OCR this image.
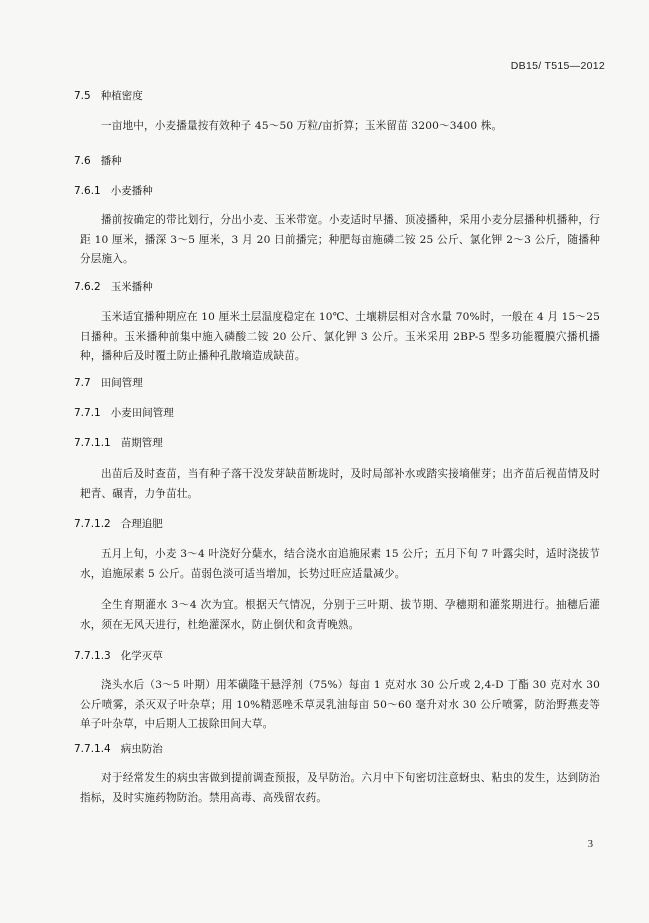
DB15/ T515—2012
7.5 种植密度
一亩地中，小麦播量按有效种子 45～50 万粒/亩折算；玉米留苗 3200～3400 株。
7.6 播种
7.6.1 小麦播种
播前按确定的带比划行，分出小麦、玉米带宽。小麦适时早播、顶凌播种，采用小麦分层播种机播种，行距 10 厘米，播深 3～5 厘米，3 月 20 日前播完；种肥每亩施磷二铵 25 公斤、氯化钾 2～3 公斤，随播种分层施入。
7.6.2 玉米播种
玉米适宜播种期应在 10 厘米土层温度稳定在 10℃、土壤耕层相对含水量 70%时，一般在 4 月 15～25 日播种。玉米播种前集中施入磷酸二铵 20 公斤、氯化钾 3 公斤。玉米采用 2BP-5 型多功能覆膜穴播机播种，播种后及时覆土防止播种孔散墒造成缺苗。
7.7 田间管理
7.7.1 小麦田间管理
7.7.1.1 苗期管理
出苗后及时查苗，当有种子落干没发芽缺苗断垅时，及时局部补水或踏实接墒催芽；出齐苗后视苗情及时耙青、碾青，力争苗壮。
7.7.1.2 合理追肥
五月上旬，小麦 3～4 叶浇好分蘖水，结合浇水亩追施尿素 15 公斤；五月下旬 7 叶露尖时，适时浇拔节水，追施尿素 5 公斤。苗弱色淡可适当增加，长势过旺应适量减少。
全生育期灌水 3～4 次为宜。根据天气情况，分别于三叶期、拔节期、孕穗期和灌浆期进行。抽穗后灌水，须在无风天进行，杜绝灌深水，防止倒伏和贪青晚熟。
7.7.1.3 化学灭草
浇头水后（3～5 叶期）用苯磺隆干悬浮剂（75%）每亩 1 克对水 30 公斤或 2,4-D 丁酯 30 克对水 30 公斤喷雾，杀灭双子叶杂草；用 10%精恶唑禾草灵乳油每亩 50～60 毫升对水 30 公斤喷雾，防治野燕麦等单子叶杂草，中后期人工拔除田间大草。
7.7.1.4 病虫防治
对于经常发生的病虫害做到提前调查预报，及早防治。六月中下旬密切注意蚜虫、粘虫的发生，达到防治指标，及时实施药物防治。禁用高毒、高残留农药。
3
